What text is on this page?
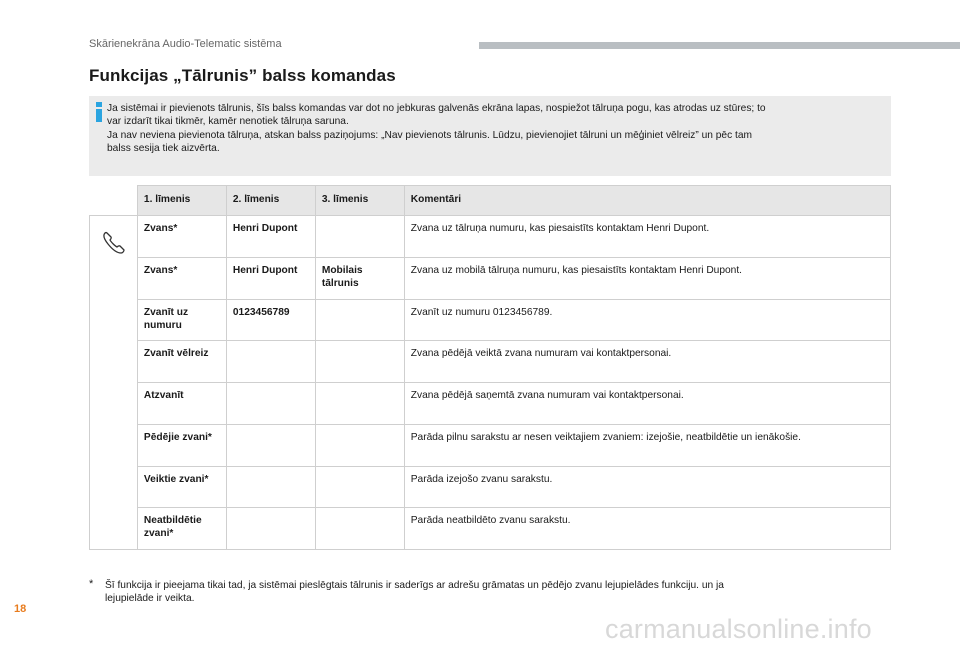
Skārienekrāna Audio-Telematic sistēma
Funkcijas „Tālrunis” balss komandas
Ja sistēmai ir pievienots tālrunis, šīs balss komandas var dot no jebkuras galvenās ekrāna lapas, nospiežot tālruņa pogu, kas atrodas uz stūres; to
var izdarīt tikai tikmēr, kamēr nenotiek tālruņa saruna.
Ja nav neviena pievienota tālruņa, atskan balss paziņojums: „Nav pievienots tālrunis. Lūdzu, pievienojiet tālruni un mēģiniet vēlreiz” un pēc tam
balss sesija tiek aizvērta.
	1. līmenis	2. līmenis	3. līmenis	Komentāri

	Zvans*	Henri Dupont		Zvana uz tālruņa numuru, kas piesaistīts kontaktam Henri Dupont.
	Zvans*	Henri Dupont	Mobilais tālrunis	Zvana uz mobilā tālruņa numuru, kas piesaistīts kontaktam Henri Dupont.
	Zvanīt uz numuru	0123456789		Zvanīt uz numuru 0123456789.
	Zvanīt vēlreiz			Zvana pēdējā veiktā zvana numuram vai kontaktpersonai.
	Atzvanīt			Zvana pēdējā saņemtā zvana numuram vai kontaktpersonai.
	Pēdējie zvani*			Parāda pilnu sarakstu ar nesen veiktajiem zvaniem: izejošie, neatbildētie un ienākošie.
	Veiktie zvani*			Parāda izejošo zvanu sarakstu.
	Neatbildētie zvani*			Parāda neatbildēto zvanu sarakstu.
* Šī funkcija ir pieejama tikai tad, ja sistēmai pieslēgtais tālrunis ir saderīgs ar adrešu grāmatas un pēdējo zvanu lejupielādes funkciju. un ja
lejupielāde ir veikta.
18
carmanualsonline.info
